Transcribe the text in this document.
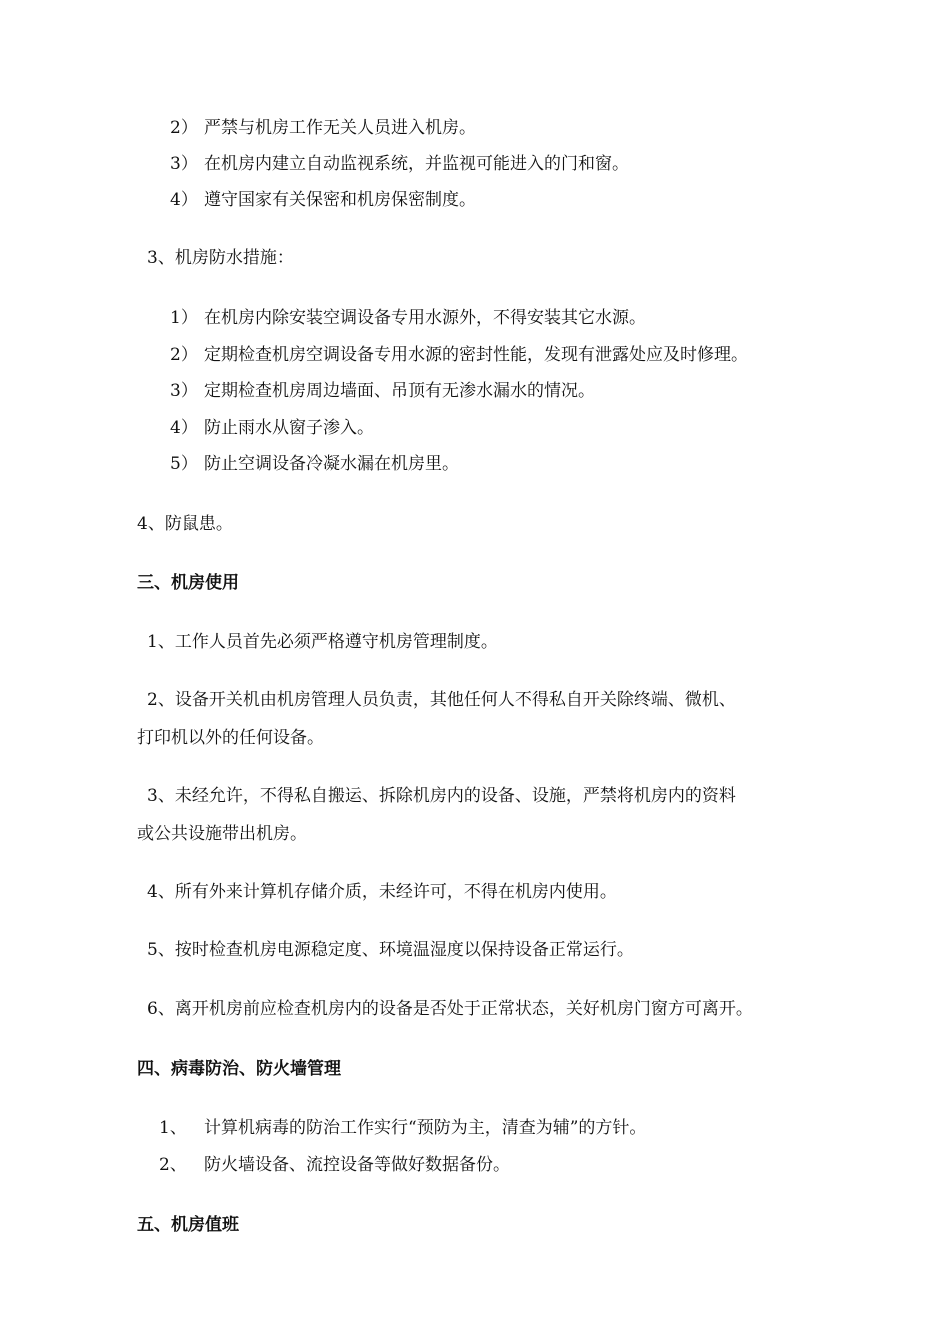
2） 严禁与机房工作无关人员进入机房。
3） 在机房内建立自动监视系统，并监视可能进入的门和窗。
4） 遵守国家有关保密和机房保密制度。
3、机房防水措施：
1） 在机房内除安装空调设备专用水源外，不得安装其它水源。
2） 定期检查机房空调设备专用水源的密封性能，发现有泄露处应及时修理。
3） 定期检查机房周边墙面、吊顶有无渗水漏水的情况。
4） 防止雨水从窗子渗入。
5） 防止空调设备冷凝水漏在机房里。
4、防鼠患。
三、机房使用
1、工作人员首先必须严格遵守机房管理制度。
2、设备开关机由机房管理人员负责，其他任何人不得私自开关除终端、微机、
打印机以外的任何设备。
3、未经允许，不得私自搬运、拆除机房内的设备、设施，严禁将机房内的资料
或公共设施带出机房。
4、所有外来计算机存储介质，未经许可，不得在机房内使用。
5、按时检查机房电源稳定度、环境温湿度以保持设备正常运行。
6、离开机房前应检查机房内的设备是否处于正常状态，关好机房门窗方可离开。
四、病毒防治、防火墙管理
1、 计算机病毒的防治工作实行“预防为主，清查为辅”的方针。
2、 防火墙设备、流控设备等做好数据备份。
五、机房值班
